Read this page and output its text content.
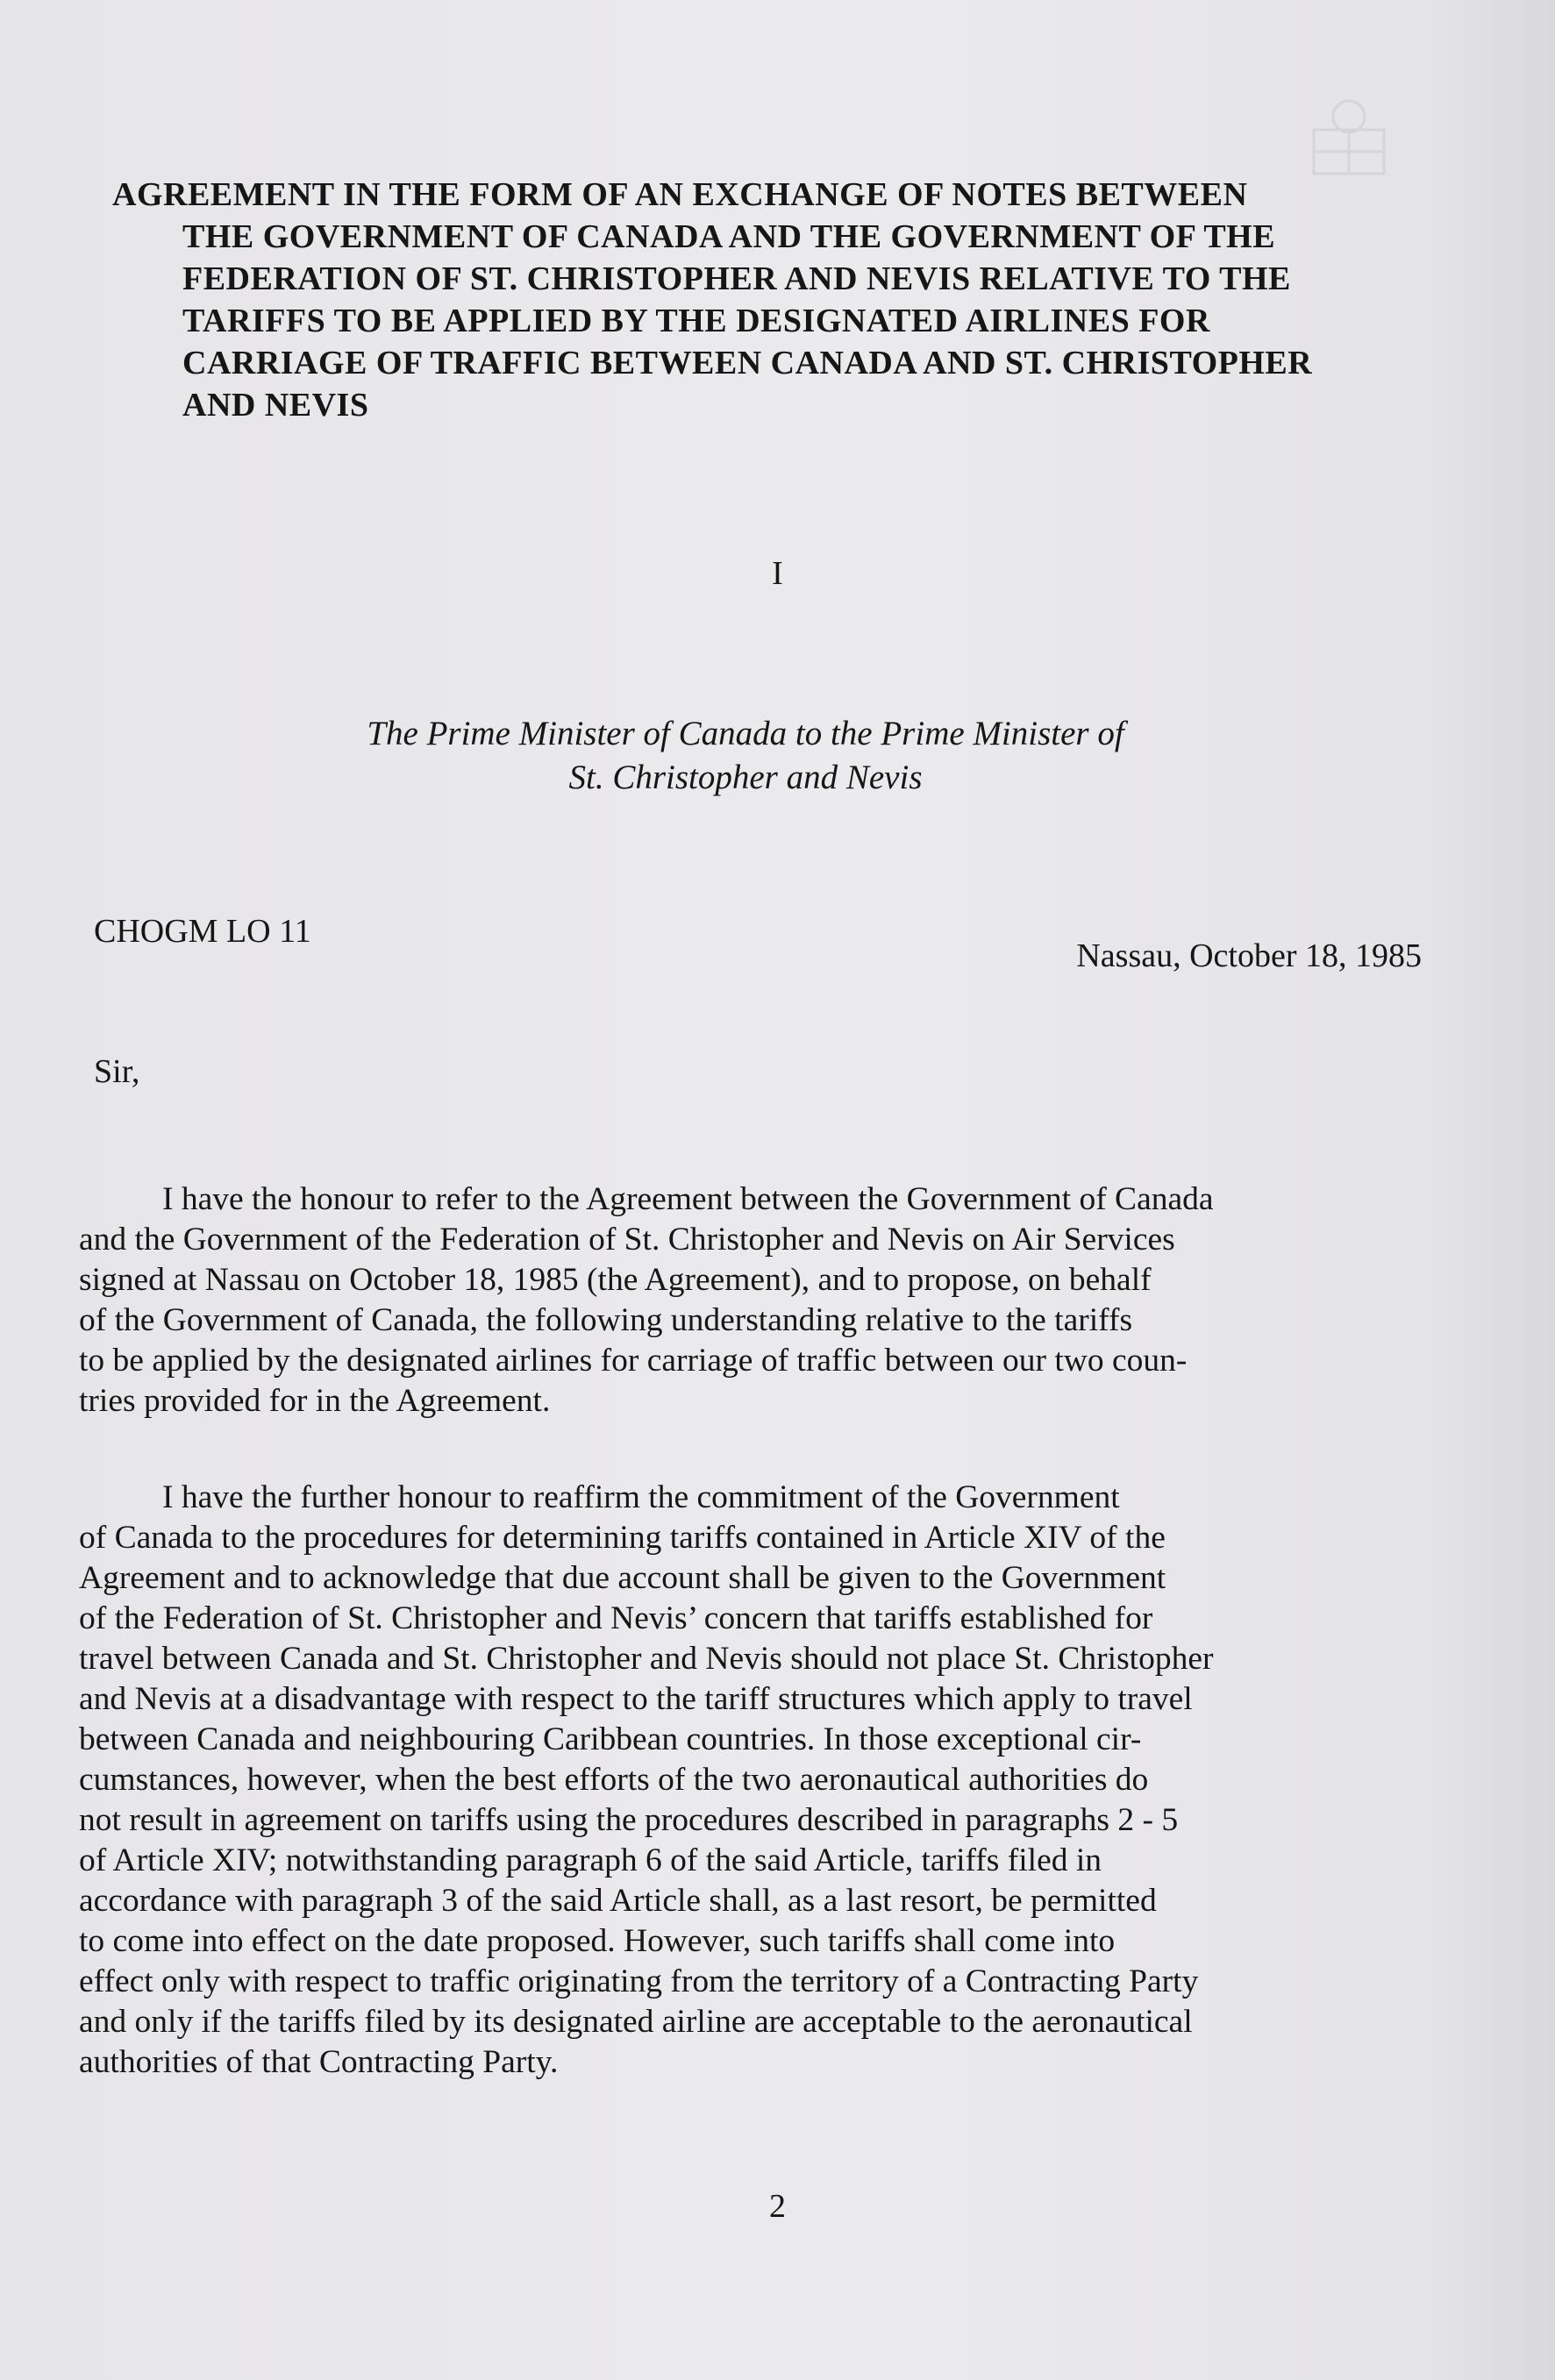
AGREEMENT IN THE FORM OF AN EXCHANGE OF NOTES BETWEEN
THE GOVERNMENT OF CANADA AND THE GOVERNMENT OF THE
FEDERATION OF ST. CHRISTOPHER AND NEVIS RELATIVE TO THE
TARIFFS TO BE APPLIED BY THE DESIGNATED AIRLINES FOR
CARRIAGE OF TRAFFIC BETWEEN CANADA AND ST. CHRISTOPHER
AND NEVIS
I
The Prime Minister of Canada to the Prime Minister of
St. Christopher and Nevis
CHOGM LO 11
Nassau, October 18, 1985
Sir,
I have the honour to refer to the Agreement between the Government of Canada
and the Government of the Federation of St. Christopher and Nevis on Air Services
signed at Nassau on October 18, 1985 (the Agreement), and to propose, on behalf
of the Government of Canada, the following understanding relative to the tariffs
to be applied by the designated airlines for carriage of traffic between our two coun-
tries provided for in the Agreement.
I have the further honour to reaffirm the commitment of the Government
of Canada to the procedures for determining tariffs contained in Article XIV of the
Agreement and to acknowledge that due account shall be given to the Government
of the Federation of St. Christopher and Nevis’ concern that tariffs established for
travel between Canada and St. Christopher and Nevis should not place St. Christopher
and Nevis at a disadvantage with respect to the tariff structures which apply to travel
between Canada and neighbouring Caribbean countries. In those exceptional cir-
cumstances, however, when the best efforts of the two aeronautical authorities do
not result in agreement on tariffs using the procedures described in paragraphs 2 - 5
of Article XIV; notwithstanding paragraph 6 of the said Article, tariffs filed in
accordance with paragraph 3 of the said Article shall, as a last resort, be permitted
to come into effect on the date proposed. However, such tariffs shall come into
effect only with respect to traffic originating from the territory of a Contracting Party
and only if the tariffs filed by its designated airline are acceptable to the aeronautical
authorities of that Contracting Party.
2
